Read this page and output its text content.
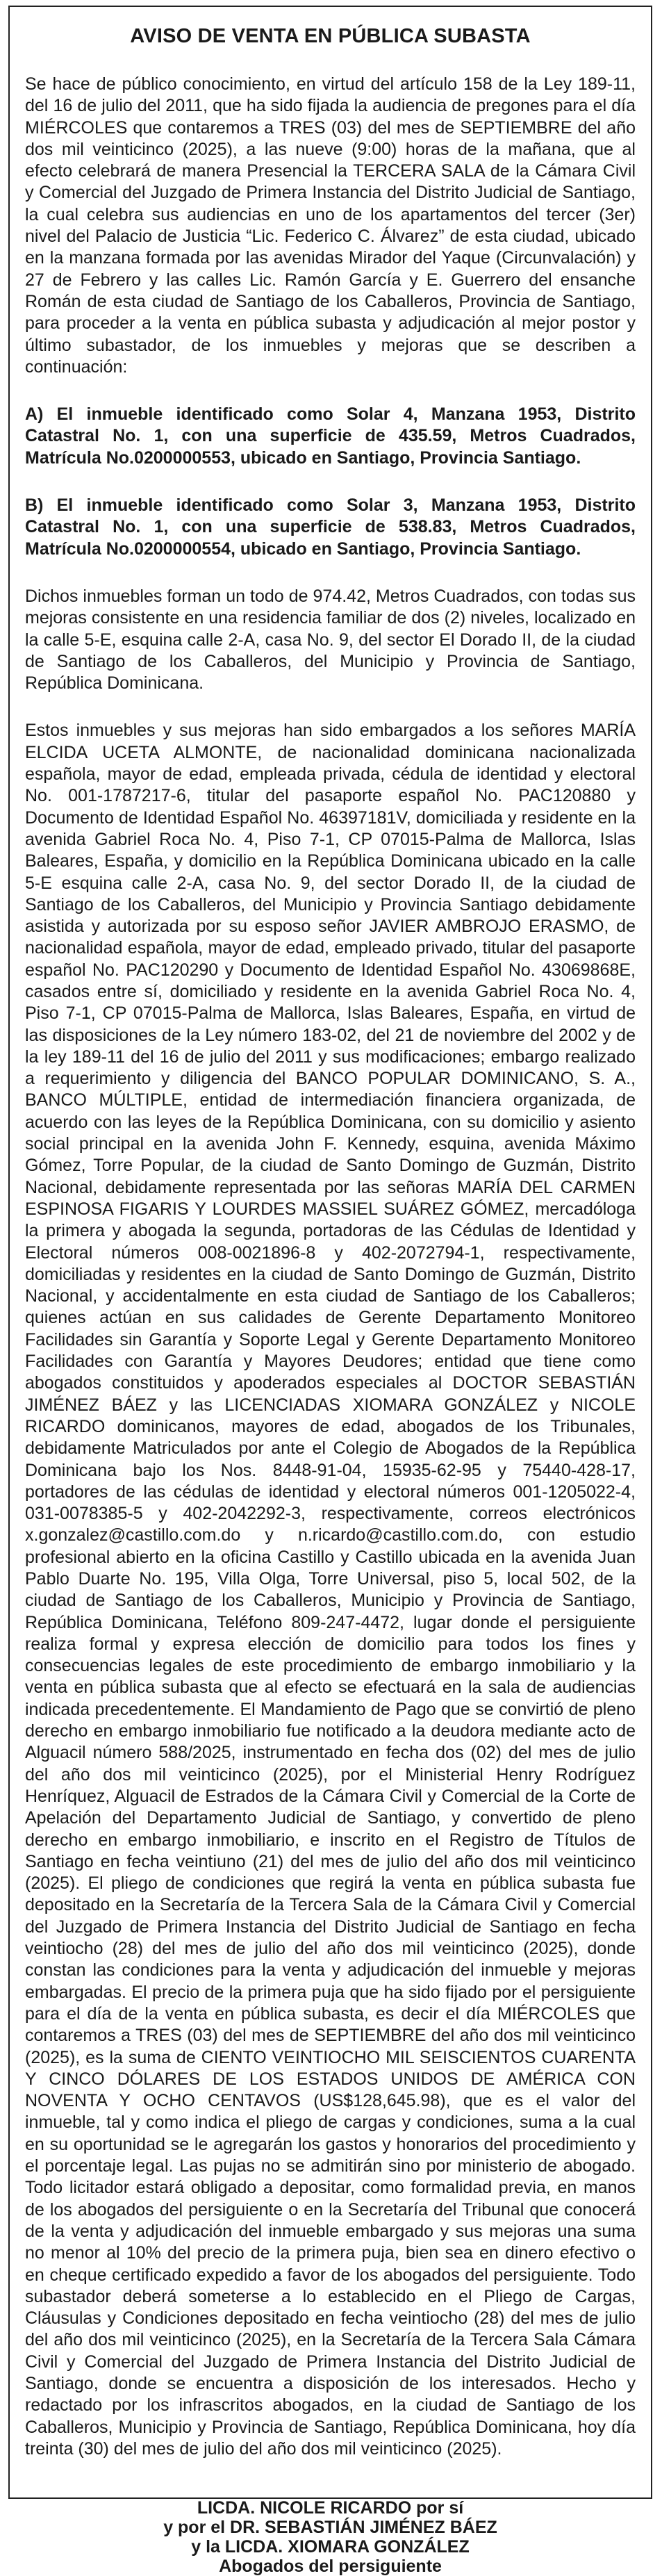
AVISO DE VENTA EN PÚBLICA SUBASTA

Se hace de público conocimiento, en virtud del artículo 158 de la Ley 189-11, del 16 de julio del 2011, que ha sido fijada la audiencia de pregones para el día MIÉRCOLES que contaremos a TRES (03) del mes de SEPTIEMBRE del año dos mil veinticinco (2025), a las nueve (9:00) horas de la mañana, que al efecto celebrará de manera Presencial la TERCERA SALA de la Cámara Civil y Comercial del Juzgado de Primera Instancia del Distrito Judicial de Santiago, la cual celebra sus audiencias en uno de los apartamentos del tercer (3er) nivel del Palacio de Justicia “Lic. Federico C. Álvarez” de esta ciudad, ubicado en la manzana formada por las avenidas Mirador del Yaque (Circunvalación) y 27 de Febrero y las calles Lic. Ramón García y E. Guerrero del ensanche Román de esta ciudad de Santiago de los Caballeros, Provincia de Santiago, para proceder a la venta en pública subasta y adjudicación al mejor postor y último subastador, de los inmuebles y mejoras que se describen a continuación:

A) El inmueble identificado como Solar 4, Manzana 1953, Distrito Catastral No. 1, con una superficie de 435.59, Metros Cuadrados, Matrícula No.0200000553, ubicado en Santiago, Provincia Santiago.

B) El inmueble identificado como Solar 3, Manzana 1953, Distrito Catastral No. 1, con una superficie de 538.83, Metros Cuadrados, Matrícula No.0200000554, ubicado en Santiago, Provincia Santiago.

Dichos inmuebles forman un todo de 974.42, Metros Cuadrados, con todas sus mejoras consistente en una residencia familiar de dos (2) niveles, localizado en la calle 5-E, esquina calle 2-A, casa No. 9, del sector El Dorado II, de la ciudad de Santiago de los Caballeros, del Municipio y Provincia de Santiago, República Dominicana.

Estos inmuebles y sus mejoras han sido embargados a los señores MARÍA ELCIDA UCETA ALMONTE, de nacionalidad dominicana nacionalizada española, mayor de edad, empleada privada, cédula de identidad y electoral No. 001-1787217-6, titular del pasaporte español No. PAC120880 y Documento de Identidad Español No. 46397181V, domiciliada y residente en la avenida Gabriel Roca No. 4, Piso 7-1, CP 07015-Palma de Mallorca, Islas Baleares, España, y domicilio en la República Dominicana ubicado en la calle 5-E esquina calle 2-A, casa No. 9, del sector Dorado II, de la ciudad de Santiago de los Caballeros, del Municipio y Provincia Santiago debidamente asistida y autorizada por su esposo señor JAVIER AMBROJO ERASMO, de nacionalidad española, mayor de edad, empleado privado, titular del pasaporte español No. PAC120290 y Documento de Identidad Español No. 43069868E, casados entre sí, domiciliado y residente en la avenida Gabriel Roca No. 4, Piso 7-1, CP 07015-Palma de Mallorca, Islas Baleares, España, en virtud de las disposiciones de la Ley número 183-02, del 21 de noviembre del 2002 y de la ley 189-11 del 16 de julio del 2011 y sus modificaciones; embargo realizado a requerimiento y diligencia del BANCO POPULAR DOMINICANO, S. A., BANCO MÚLTIPLE, entidad de intermediación financiera organizada, de acuerdo con las leyes de la República Dominicana, con su domicilio y asiento social principal en la avenida John F. Kennedy, esquina, avenida Máximo Gómez, Torre Popular, de la ciudad de Santo Domingo de Guzmán, Distrito Nacional, debidamente representada por las señoras MARÍA DEL CARMEN ESPINOSA FIGARIS Y LOURDES MASSIEL SUÁREZ GÓMEZ, mercadóloga la primera y abogada la segunda, portadoras de las Cédulas de Identidad y Electoral números 008-0021896-8 y 402-2072794-1, respectivamente, domiciliadas y residentes en la ciudad de Santo Domingo de Guzmán, Distrito Nacional, y accidentalmente en esta ciudad de Santiago de los Caballeros; quienes actúan en sus calidades de Gerente Departamento Monitoreo Facilidades sin Garantía y Soporte Legal y Gerente Departamento Monitoreo Facilidades con Garantía y Mayores Deudores; entidad que tiene como abogados constituidos y apoderados especiales al DOCTOR SEBASTIÁN JIMÉNEZ BÁEZ y las LICENCIADAS XIOMARA GONZÁLEZ y NICOLE RICARDO dominicanos, mayores de edad, abogados de los Tribunales, debidamente Matriculados por ante el Colegio de Abogados de la República Dominicana bajo los Nos. 8448-91-04, 15935-62-95 y 75440-428-17, portadores de las cédulas de identidad y electoral números 001-1205022-4, 031-0078385-5 y 402-2042292-3, respectivamente, correos electrónicos x.gonzalez@castillo.com.do y n.ricardo@castillo.com.do, con estudio profesional abierto en la oficina Castillo y Castillo ubicada en la avenida Juan Pablo Duarte No. 195, Villa Olga, Torre Universal, piso 5, local 502, de la ciudad de Santiago de los Caballeros, Municipio y Provincia de Santiago, República Dominicana, Teléfono 809-247-4472, lugar donde el persiguiente realiza formal y expresa elección de domicilio para todos los fines y consecuencias legales de este procedimiento de embargo inmobiliario y la venta en pública subasta que al efecto se efectuará en la sala de audiencias indicada precedentemente. El Mandamiento de Pago que se convirtió de pleno derecho en embargo inmobiliario fue notificado a la deudora mediante acto de Alguacil número 588/2025, instrumentado en fecha dos (02) del mes de julio del año dos mil veinticinco (2025), por el Ministerial Henry Rodríguez Henríquez, Alguacil de Estrados de la Cámara Civil y Comercial de la Corte de Apelación del Departamento Judicial de Santiago, y convertido de pleno derecho en embargo inmobiliario, e inscrito en el Registro de Títulos de Santiago en fecha veintiuno (21) del mes de julio del año dos mil veinticinco (2025). El pliego de condiciones que regirá la venta en pública subasta fue depositado en la Secretaría de la Tercera Sala de la Cámara Civil y Comercial del Juzgado de Primera Instancia del Distrito Judicial de Santiago en fecha veintiocho (28) del mes de julio del año dos mil veinticinco (2025), donde constan las condiciones para la venta y adjudicación del inmueble y mejoras embargadas. El precio de la primera puja que ha sido fijado por el persiguiente para el día de la venta en pública subasta, es decir el día MIÉRCOLES que contaremos a TRES (03) del mes de SEPTIEMBRE del año dos mil veinticinco (2025), es la suma de CIENTO VEINTIOCHO MIL SEISCIENTOS CUARENTA Y CINCO DÓLARES DE LOS ESTADOS UNIDOS DE AMÉRICA CON NOVENTA Y OCHO CENTAVOS (US$128,645.98), que es el valor del inmueble, tal y como indica el pliego de cargas y condiciones, suma a la cual en su oportunidad se le agregarán los gastos y honorarios del procedimiento y el porcentaje legal. Las pujas no se admitirán sino por ministerio de abogado. Todo licitador estará obligado a depositar, como formalidad previa, en manos de los abogados del persiguiente o en la Secretaría del Tribunal que conocerá de la venta y adjudicación del inmueble embargado y sus mejoras una suma no menor al 10% del precio de la primera puja, bien sea en dinero efectivo o en cheque certificado expedido a favor de los abogados del persiguiente. Todo subastador deberá someterse a lo establecido en el Pliego de Cargas, Cláusulas y Condiciones depositado en fecha veintiocho (28) del mes de julio del año dos mil veinticinco (2025), en la Secretaría de la Tercera Sala Cámara Civil y Comercial del Juzgado de Primera Instancia del Distrito Judicial de Santiago, donde se encuentra a disposición de los interesados. Hecho y redactado por los infrascritos abogados, en la ciudad de Santiago de los Caballeros, Municipio y Provincia de Santiago, República Dominicana, hoy día treinta (30) del mes de julio del año dos mil veinticinco (2025).

LICDA. NICOLE RICARDO por sí
y por el DR. SEBASTIÁN JIMÉNEZ BÁEZ
y la LICDA. XIOMARA GONZÁLEZ
Abogados del persiguiente
